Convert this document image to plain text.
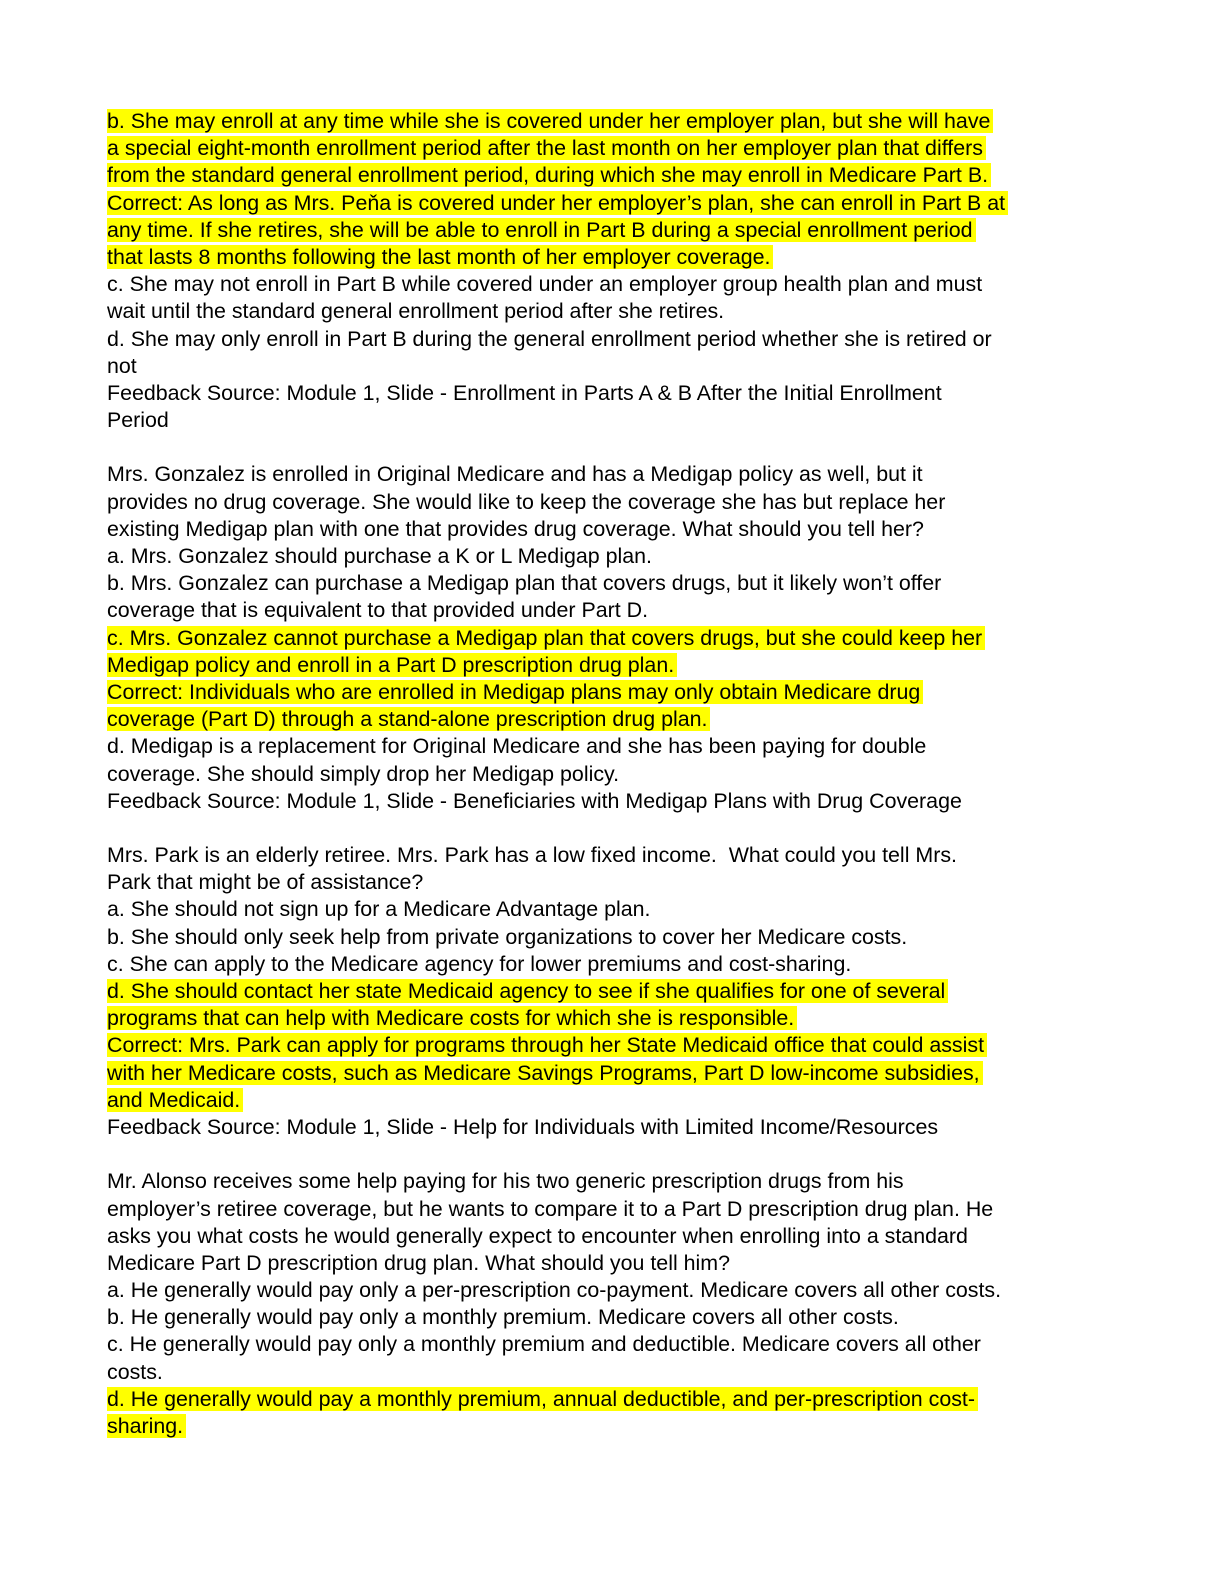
b. She may enroll at any time while she is covered under her employer plan, but she will have
a special eight-month enrollment period after the last month on her employer plan that differs
from the standard general enrollment period, during which she may enroll in Medicare Part B.
Correct: As long as Mrs. Peňa is covered under her employer’s plan, she can enroll in Part B at
any time. If she retires, she will be able to enroll in Part B during a special enrollment period
that lasts 8 months following the last month of her employer coverage.
c. She may not enroll in Part B while covered under an employer group health plan and must
wait until the standard general enrollment period after she retires.
d. She may only enroll in Part B during the general enrollment period whether she is retired or
not
Feedback Source: Module 1, Slide - Enrollment in Parts A & B After the Initial Enrollment
Period
Mrs. Gonzalez is enrolled in Original Medicare and has a Medigap policy as well, but it
provides no drug coverage. She would like to keep the coverage she has but replace her
existing Medigap plan with one that provides drug coverage. What should you tell her?
a. Mrs. Gonzalez should purchase a K or L Medigap plan.
b. Mrs. Gonzalez can purchase a Medigap plan that covers drugs, but it likely won’t offer
coverage that is equivalent to that provided under Part D.
c. Mrs. Gonzalez cannot purchase a Medigap plan that covers drugs, but she could keep her
Medigap policy and enroll in a Part D prescription drug plan.
Correct: Individuals who are enrolled in Medigap plans may only obtain Medicare drug
coverage (Part D) through a stand-alone prescription drug plan.
d. Medigap is a replacement for Original Medicare and she has been paying for double
coverage. She should simply drop her Medigap policy.
Feedback Source: Module 1, Slide - Beneficiaries with Medigap Plans with Drug Coverage
Mrs. Park is an elderly retiree. Mrs. Park has a low fixed income.  What could you tell Mrs.
Park that might be of assistance?
a. She should not sign up for a Medicare Advantage plan.
b. She should only seek help from private organizations to cover her Medicare costs.
c. She can apply to the Medicare agency for lower premiums and cost-sharing.
d. She should contact her state Medicaid agency to see if she qualifies for one of several
programs that can help with Medicare costs for which she is responsible.
Correct: Mrs. Park can apply for programs through her State Medicaid office that could assist
with her Medicare costs, such as Medicare Savings Programs, Part D low-income subsidies,
and Medicaid.
Feedback Source: Module 1, Slide - Help for Individuals with Limited Income/Resources
Mr. Alonso receives some help paying for his two generic prescription drugs from his
employer’s retiree coverage, but he wants to compare it to a Part D prescription drug plan. He
asks you what costs he would generally expect to encounter when enrolling into a standard
Medicare Part D prescription drug plan. What should you tell him?
a. He generally would pay only a per-prescription co-payment. Medicare covers all other costs.
b. He generally would pay only a monthly premium. Medicare covers all other costs.
c. He generally would pay only a monthly premium and deductible. Medicare covers all other
costs.
d. He generally would pay a monthly premium, annual deductible, and per-prescription cost-
sharing.
